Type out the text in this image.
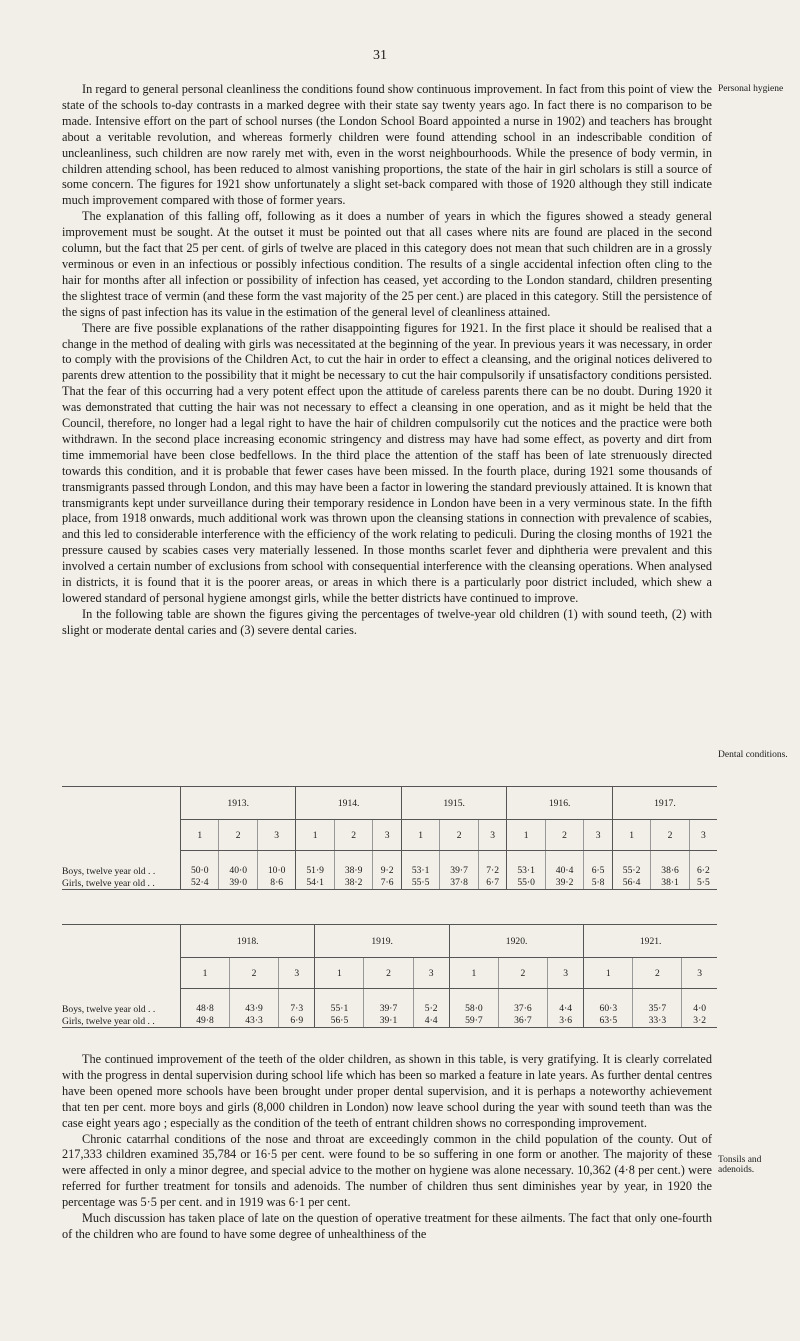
31

In regard to general personal cleanliness the conditions found show continuous improvement. In fact from this point of view the state of the schools to-day contrasts in a marked degree with their state say twenty years ago. In fact there is no comparison to be made. Intensive effort on the part of school nurses (the London School Board appointed a nurse in 1902) and teachers has brought about a veritable revolution, and whereas formerly children were found attending school in an indescribable condition of uncleanliness, such children are now rarely met with, even in the worst neighbourhoods. While the presence of body vermin, in children attending school, has been reduced to almost vanishing proportions, the state of the hair in girl scholars is still a source of some concern. The figures for 1921 show unfortunately a slight set-back compared with those of 1920 although they still indicate much improvement compared with those of former years.

The explanation of this falling off, following as it does a number of years in which the figures showed a steady general improvement must be sought. At the outset it must be pointed out that all cases where nits are found are placed in the second column, but the fact that 25 per cent. of girls of twelve are placed in this category does not mean that such children are in a grossly verminous or even in an infectious or possibly infectious condition. The results of a single accidental infection often cling to the hair for months after all infection or possibility of infection has ceased, yet according to the London standard, children presenting the slightest trace of vermin (and these form the vast majority of the 25 per cent.) are placed in this category. Still the persistence of the signs of past infection has its value in the estimation of the general level of cleanliness attained.

There are five possible explanations of the rather disappointing figures for 1921. In the first place it should be realised that a change in the method of dealing with girls was necessitated at the beginning of the year. In previous years it was necessary, in order to comply with the provisions of the Children Act, to cut the hair in order to effect a cleansing, and the original notices delivered to parents drew attention to the possibility that it might be necessary to cut the hair compulsorily if unsatisfactory conditions persisted. That the fear of this occurring had a very potent effect upon the attitude of careless parents there can be no doubt. During 1920 it was demonstrated that cutting the hair was not necessary to effect a cleansing in one operation, and as it might be held that the Council, therefore, no longer had a legal right to have the hair of children compulsorily cut the notices and the practice were both withdrawn. In the second place increasing economic stringency and distress may have had some effect, as poverty and dirt from time immemorial have been close bedfellows. In the third place the attention of the staff has been of late strenuously directed towards this condition, and it is probable that fewer cases have been missed. In the fourth place, during 1921 some thousands of transmigrants passed through London, and this may have been a factor in lowering the standard previously attained. It is known that transmigrants kept under surveillance during their temporary residence in London have been in a very verminous state. In the fifth place, from 1918 onwards, much additional work was thrown upon the cleansing stations in connection with prevalence of scabies, and this led to considerable interference with the efficiency of the work relating to pediculi. During the closing months of 1921 the pressure caused by scabies cases very materially lessened. In those months scarlet fever and diphtheria were prevalent and this involved a certain number of exclusions from school with consequential interference with the cleansing operations. When analysed in districts, it is found that it is the poorer areas, or areas in which there is a particularly poor district included, which shew a lowered standard of personal hygiene amongst girls, while the better districts have continued to improve.

In the following table are shown the figures giving the percentages of twelve-year old children (1) with sound teeth, (2) with slight or moderate dental caries and (3) severe dental caries.

Personal hygiene
Dental conditions.
Tonsils and adenoids.
	1913.			1914.			1915.			1916.			1917.		
	1	2	3	1	2	3	1	2	3	1	2	3	1	2	3

Boys, twelve year old . .	50·0	40·0	10·0	51·9	38·9	9·2	53·1	39·7	7·2	53·1	40·4	6·5	55·2	38·6	6·2
Girls, twelve year old . .	52·4	39·0	8·6	54·1	38·2	7·6	55·5	37·8	6·7	55·0	39·2	5·8	56·4	38·1	5·5
	1918.			1919.			1920.			1921.		
	1	2	3	1	2	3	1	2	3	1	2	3

Boys, twelve year old . .	48·8	43·9	7·3	55·1	39·7	5·2	58·0	37·6	4·4	60·3	35·7	4·0
Girls, twelve year old . .	49·8	43·3	6·9	56·5	39·1	4·4	59·7	36·7	3·6	63·5	33·3	3·2

The continued improvement of the teeth of the older children, as shown in this table, is very gratifying. It is clearly correlated with the progress in dental supervision during school life which has been so marked a feature in late years. As further dental centres have been opened more schools have been brought under proper dental supervision, and it is perhaps a noteworthy achievement that ten per cent. more boys and girls (8,000 children in London) now leave school during the year with sound teeth than was the case eight years ago ; especially as the condition of the teeth of entrant children shows no corresponding improvement.

Chronic catarrhal conditions of the nose and throat are exceedingly common in the child population of the county. Out of 217,333 children examined 35,784 or 16·5 per cent. were found to be so suffering in one form or another. The majority of these were affected in only a minor degree, and special advice to the mother on hygiene was alone necessary. 10,362 (4·8 per cent.) were referred for further treatment for tonsils and adenoids. The number of children thus sent diminishes year by year, in 1920 the percentage was 5·5 per cent. and in 1919 was 6·1 per cent.

Much discussion has taken place of late on the question of operative treatment for these ailments. The fact that only one-fourth of the children who are found to have some degree of unhealthiness of the
